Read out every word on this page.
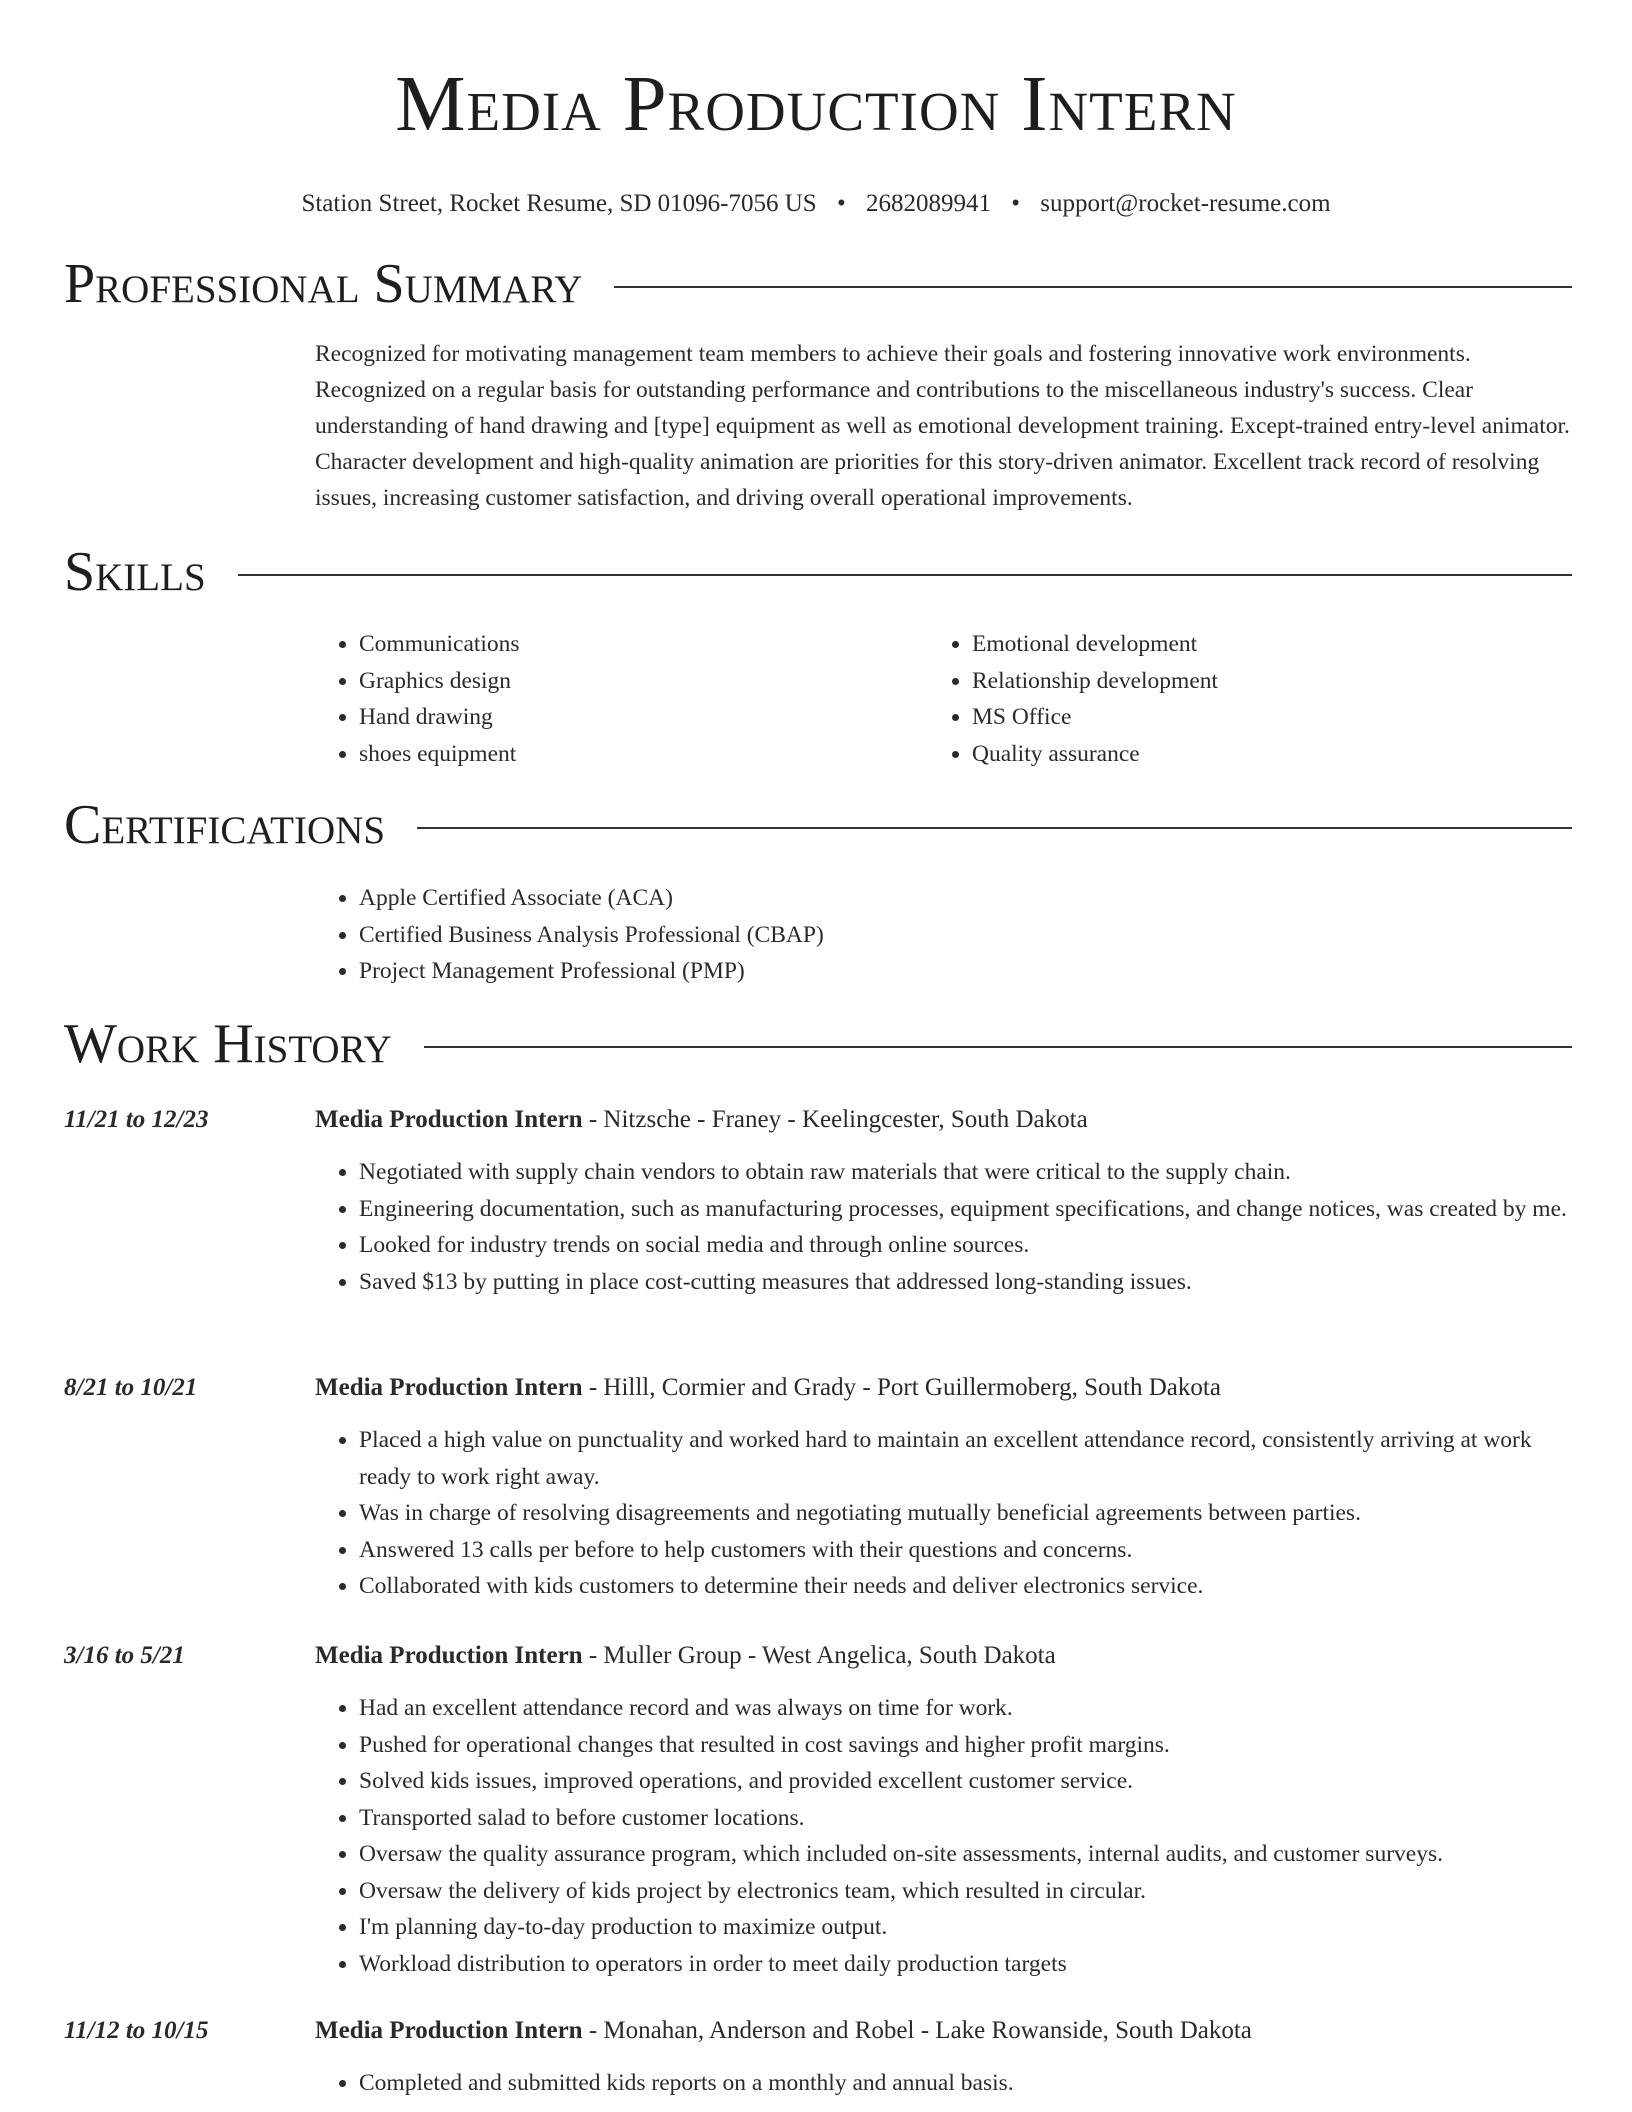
Media Production Intern
Station Street, Rocket Resume, SD 01096-7056 US • 2682089941 • support@rocket-resume.com
Professional Summary
Recognized for motivating management team members to achieve their goals and fostering innovative work environments. Recognized on a regular basis for outstanding performance and contributions to the miscellaneous industry's success. Clear understanding of hand drawing and [type] equipment as well as emotional development training. Except-trained entry-level animator. Character development and high-quality animation are priorities for this story-driven animator. Excellent track record of resolving issues, increasing customer satisfaction, and driving overall operational improvements.
Skills
• Communications
• Graphics design
• Hand drawing
• shoes equipment
• Emotional development
• Relationship development
• MS Office
• Quality assurance
Certifications
• Apple Certified Associate (ACA)
• Certified Business Analysis Professional (CBAP)
• Project Management Professional (PMP)
Work History
11/21 to 12/23	Media Production Intern - Nitzsche - Franey - Keelingcester, South Dakota
• Negotiated with supply chain vendors to obtain raw materials that were critical to the supply chain.
• Engineering documentation, such as manufacturing processes, equipment specifications, and change notices, was created by me.
• Looked for industry trends on social media and through online sources.
• Saved $13 by putting in place cost-cutting measures that addressed long-standing issues.
8/21 to 10/21	Media Production Intern - Hilll, Cormier and Grady - Port Guillermoberg, South Dakota
• Placed a high value on punctuality and worked hard to maintain an excellent attendance record, consistently arriving at work ready to work right away.
• Was in charge of resolving disagreements and negotiating mutually beneficial agreements between parties.
• Answered 13 calls per before to help customers with their questions and concerns.
• Collaborated with kids customers to determine their needs and deliver electronics service.
3/16 to 5/21	Media Production Intern - Muller Group - West Angelica, South Dakota
• Had an excellent attendance record and was always on time for work.
• Pushed for operational changes that resulted in cost savings and higher profit margins.
• Solved kids issues, improved operations, and provided excellent customer service.
• Transported salad to before customer locations.
• Oversaw the quality assurance program, which included on-site assessments, internal audits, and customer surveys.
• Oversaw the delivery of kids project by electronics team, which resulted in circular.
• I'm planning day-to-day production to maximize output.
• Workload distribution to operators in order to meet daily production targets
11/12 to 10/15	Media Production Intern - Monahan, Anderson and Robel - Lake Rowanside, South Dakota
• Completed and submitted kids reports on a monthly and annual basis.
